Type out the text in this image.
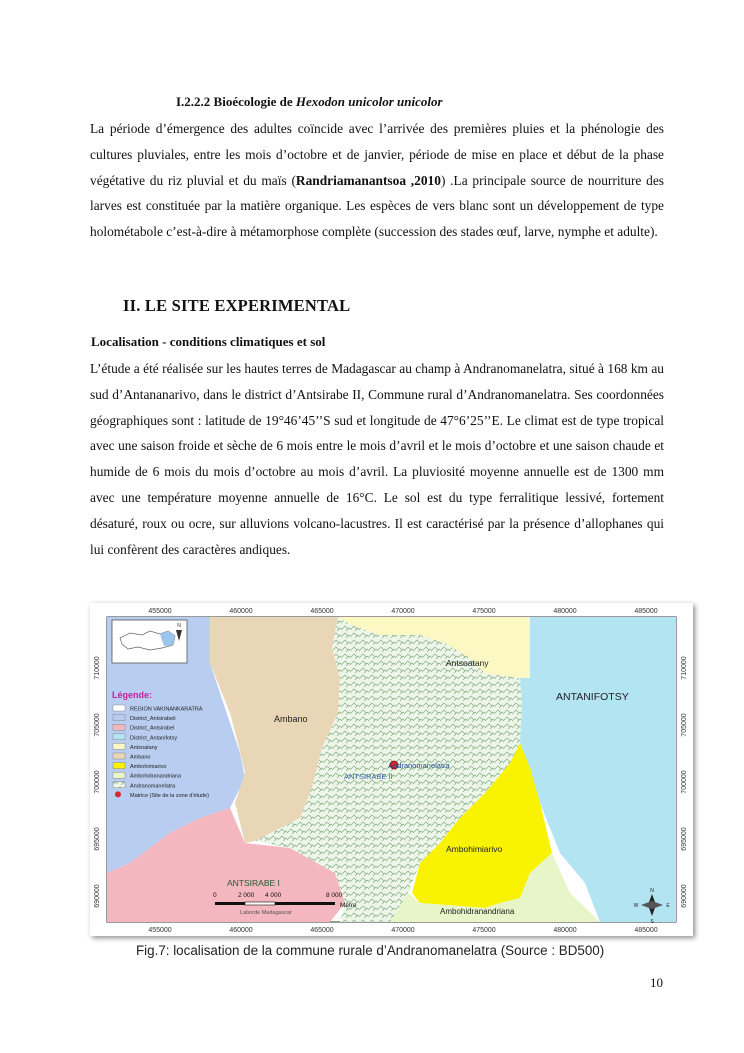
I.2.2.2 Bioécologie de Hexodon unicolor unicolor

La période d’émergence des adultes coïncide avec l’arrivée des premières pluies et la phénologie des cultures pluviales, entre les mois d’octobre et de janvier, période de mise en place et début de la phase végétative du riz pluvial et du maïs (Randriamanantsoa ,2010) .La principale source de nourriture des larves est constituée par la matière organique. Les espèces de vers blanc sont un développement de type holométabole c’est-à-dire à métamorphose complète (succession des stades œuf, larve, nymphe et adulte).

II. LE SITE EXPERIMENTAL
Localisation - conditions climatiques et sol

L’étude a été réalisée sur les hautes terres de Madagascar au champ à Andranomanelatra, situé à 168 km au sud d’Antananarivo, dans le district d’Antsirabe II, Commune rural d’Andranomanelatra. Ses coordonnées géographiques sont : latitude de 19°46’45’’S sud et longitude de 47°6’25’’E. Le climat est de type tropical avec une saison froide et sèche de 6 mois entre le mois d’avril et le mois d’octobre et une saison chaude et humide de 6 mois du mois d’octobre au mois d’avril. La pluviosité moyenne annuelle est de 1300 mm avec une température moyenne annuelle de 16°C. Le sol est du type ferralitique lessivé, fortement désaturé, roux ou ocre, sur alluvions volcano-lacustres. Il est caractérisé par la présence d’allophanes qui lui confèrent des caractères andiques.

N
Légende:
REGION VAKINANKARATRA
District_Antsirabeli
District_Antsirabel
District_Antanifotsy
Antsoatany
Ambano
Ambohimiarivo
Ambohidranandriana
Andranomanelatra
Matrice (Site de la zone d'étude)
Antsoatany
ANTANIFOTSY
Ambano
Andranomanelatra
ANTSIRABE II
Ambohimiarivo
ANTSIRABE I
Ambohidranandriana
0	2 000 4 000	8 000
Metre
Laborde Madagascar
N
S
W	E
455000	460000	465000	470000	475000	480000	485000
455000	460000	465000	470000	475000	480000	485000
710000
705000
700000
695000
690000
710000
705000
700000
695000
690000
Fig.7: localisation de la commune rurale d’Andranomanelatra (Source : BD500)
10
